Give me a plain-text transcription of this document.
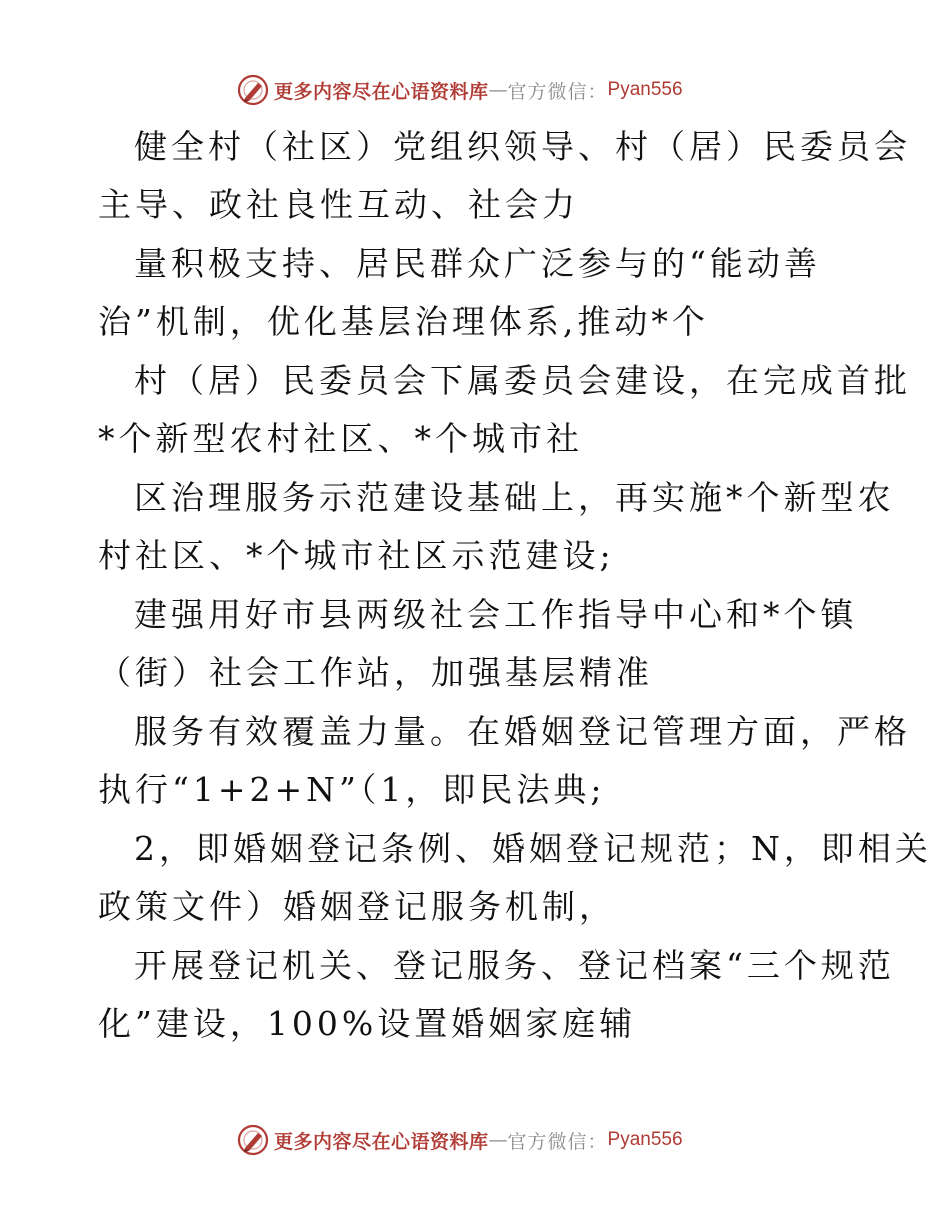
更多内容尽在心语资料库 — 官方微信： Pyan556
健全村（社区）党组织领导、村（居）民委员会
主导、政社良性互动、社会力
量积极支持、居民群众广泛参与的“能动善
治”机制，优化基层治理体系,推动*个
村（居）民委员会下属委员会建设，在完成首批
*个新型农村社区、*个城市社
区治理服务示范建设基础上，再实施*个新型农
村社区、*个城市社区示范建设;
建强用好市县两级社会工作指导中心和*个镇
（街）社会工作站，加强基层精准
服务有效覆盖力量。在婚姻登记管理方面，严格
执行“1+2+N”（1，即民法典;
2，即婚姻登记条例、婚姻登记规范；N，即相关
政策文件）婚姻登记服务机制，
开展登记机关、登记服务、登记档案“三个规范
化”建设，100%设置婚姻家庭辅
更多内容尽在心语资料库 — 官方微信： Pyan556
